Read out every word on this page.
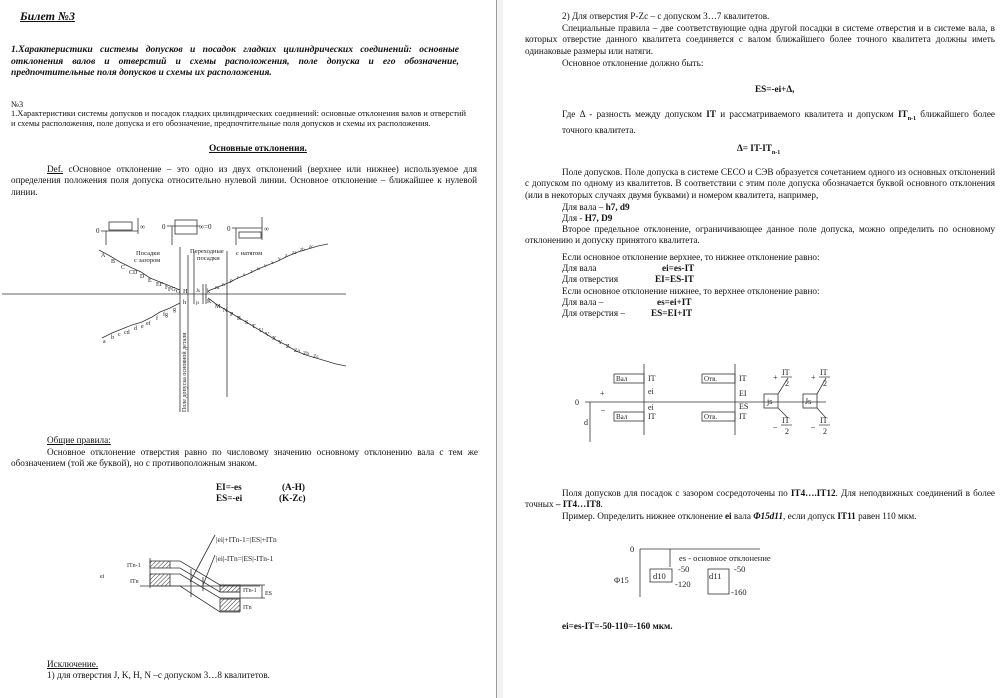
Билет №3
1.Характеристики системы допусков и посадок гладких цилиндрических соединений: основные отклонения валов и отверстий и схемы расположения, поле допуска и его обозначение, предпочтительные поля допусков и схемы их расположения.
№3
1.Характеристики системы допусков и посадок гладких цилиндрических соединений: основные отклонения валов и отверстий и схемы расположения, поле допуска и его обозначение, предпочтительные поля допусков и схемы их расположения.
Основные отклонения.
Def. сОсновное отклонение – это одно из двух отклонений (верхнее или нижнее) используемое для определения положения поля допуска относительно нулевой линии. Основное отклонение – ближайшее к нулевой линии.
0	∞ 0	∞=0 0	∞
Посадки
с зазором
Переходные
посадки
с натягом
Поле допуска основной детали
A
B
C
CD
D
E
EF F FG G H Js
a
b c cd
d e ef
f
fg
g
h js
k
m n
p r s t u v x
y z za
zb
zc
K
M
N
P
R
S
T
U
V
X
Y
Z
Za Zb Zc
Общие правила:
Основное отклонение отверстия равно по числовому значению основному отклонению вала с тем же обозначением (той же буквой), но с противоположным знаком.
EI=-es	(A-H)
ES=-ei	(K-Zc)
|ei|+ITn-1=|ES|+ITn
|ei|-ITn=|ES|-ITn-1
ITn-1
ei
ITn
ITn-1 ES
ITn
Исключение.
1) для отверстия J, K, H, N –с допуском 3…8 квалитетов.
2) Для отверстия P-Zc – с допуском 3…7 квалитетов.
Специальные правила – две соответствующие одна другой посадки в системе отверстия и в системе вала, в которых отверстие данного квалитета соединяется с валом ближайшего более точного квалитета должны иметь одинаковые размеры или натяги.
Основное отклонение должно быть:
ES=-ei+Δ,
Где Δ - разность между допуском IT и рассматриваемого квалитета и допуском $IT_{n-1}$ ближайшего более точного квалитета.
$\Delta= IT-IT_{n-1}$
Поле допусков. Поле допуска в системе СЕСО и СЭВ образуется сочетанием одного из основных отклонений с допуском по одному из квалитетов. В соответствии с этим поле допуска обозначается буквой основного отклонения (или в некоторых случаях двумя буквами) и номером квалитета, например,
Для вала – h7, d9
Для - H7, D9
Второе предельное отклонение, ограничивающее данное поле допуска, можно определить по основному отклонению и допуску принятого квалитета.
Если основное отклонение верхнее, то нижнее отклонение равно:
Для вала	ei=es-IT
Для отверстия	EI=ES-IT
Если основное отклонение нижнее, то верхнее отклонение равно:
Для вала –	es=ei+IT
Для отверстия –	ES=EI+IT
0
+
–
d
Вал
Вал
IT
ei
ei
IT
Отв.
Отв.
IT
EI
ES
IT
js	Js
+
IT
2
+
IT
2
–
IT
2
–
IT
2
Поля допусков для посадок с зазором сосредоточены по IT4….IT12. Для неподвижных соединений в более точных – IT4…IT8.
Пример. Определить нижнее отклонение ei вала Φ15d11, если допуск IT11 равен 110 мкм.
0
es - основное отклонение
Φ15	d10
-50
-120
d11
-50
-160
ei=es-IT=-50-110=-160 мкм.
